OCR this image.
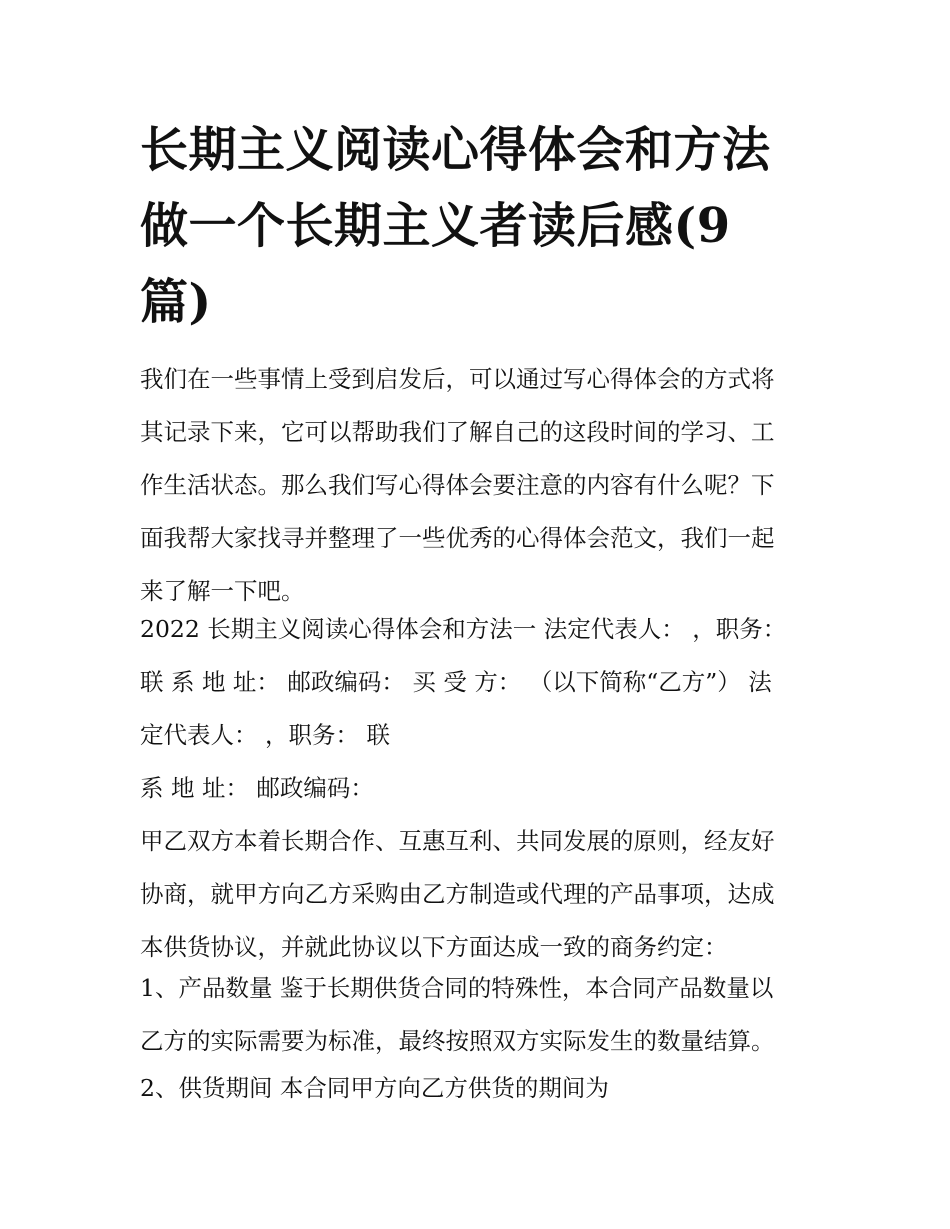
长期主义阅读心得体会和方法
做一个长期主义者读后感(9
篇)

我们在一些事情上受到启发后，可以通过写心得体会的方式将
其记录下来，它可以帮助我们了解自己的这段时间的学习、工
作生活状态。那么我们写心得体会要注意的内容有什么呢？下
面我帮大家找寻并整理了一些优秀的心得体会范文，我们一起
来了解一下吧。

2022 长期主义阅读心得体会和方法一 法定代表人： ，职务：
联 系 地 址： 邮政编码： 买 受 方： （以下简称“乙方”） 法
定代表人： ，职务： 联
系 地 址： 邮政编码：

甲乙双方本着长期合作、互惠互利、共同发展的原则，经友好
协商，就甲方向乙方采购由乙方制造或代理的产品事项，达成
本供货协议，并就此协议以下方面达成一致的商务约定：

1、产品数量 鉴于长期供货合同的特殊性，本合同产品数量以
乙方的实际需要为标准，最终按照双方实际发生的数量结算。

2、供货期间 本合同甲方向乙方供货的期间为
